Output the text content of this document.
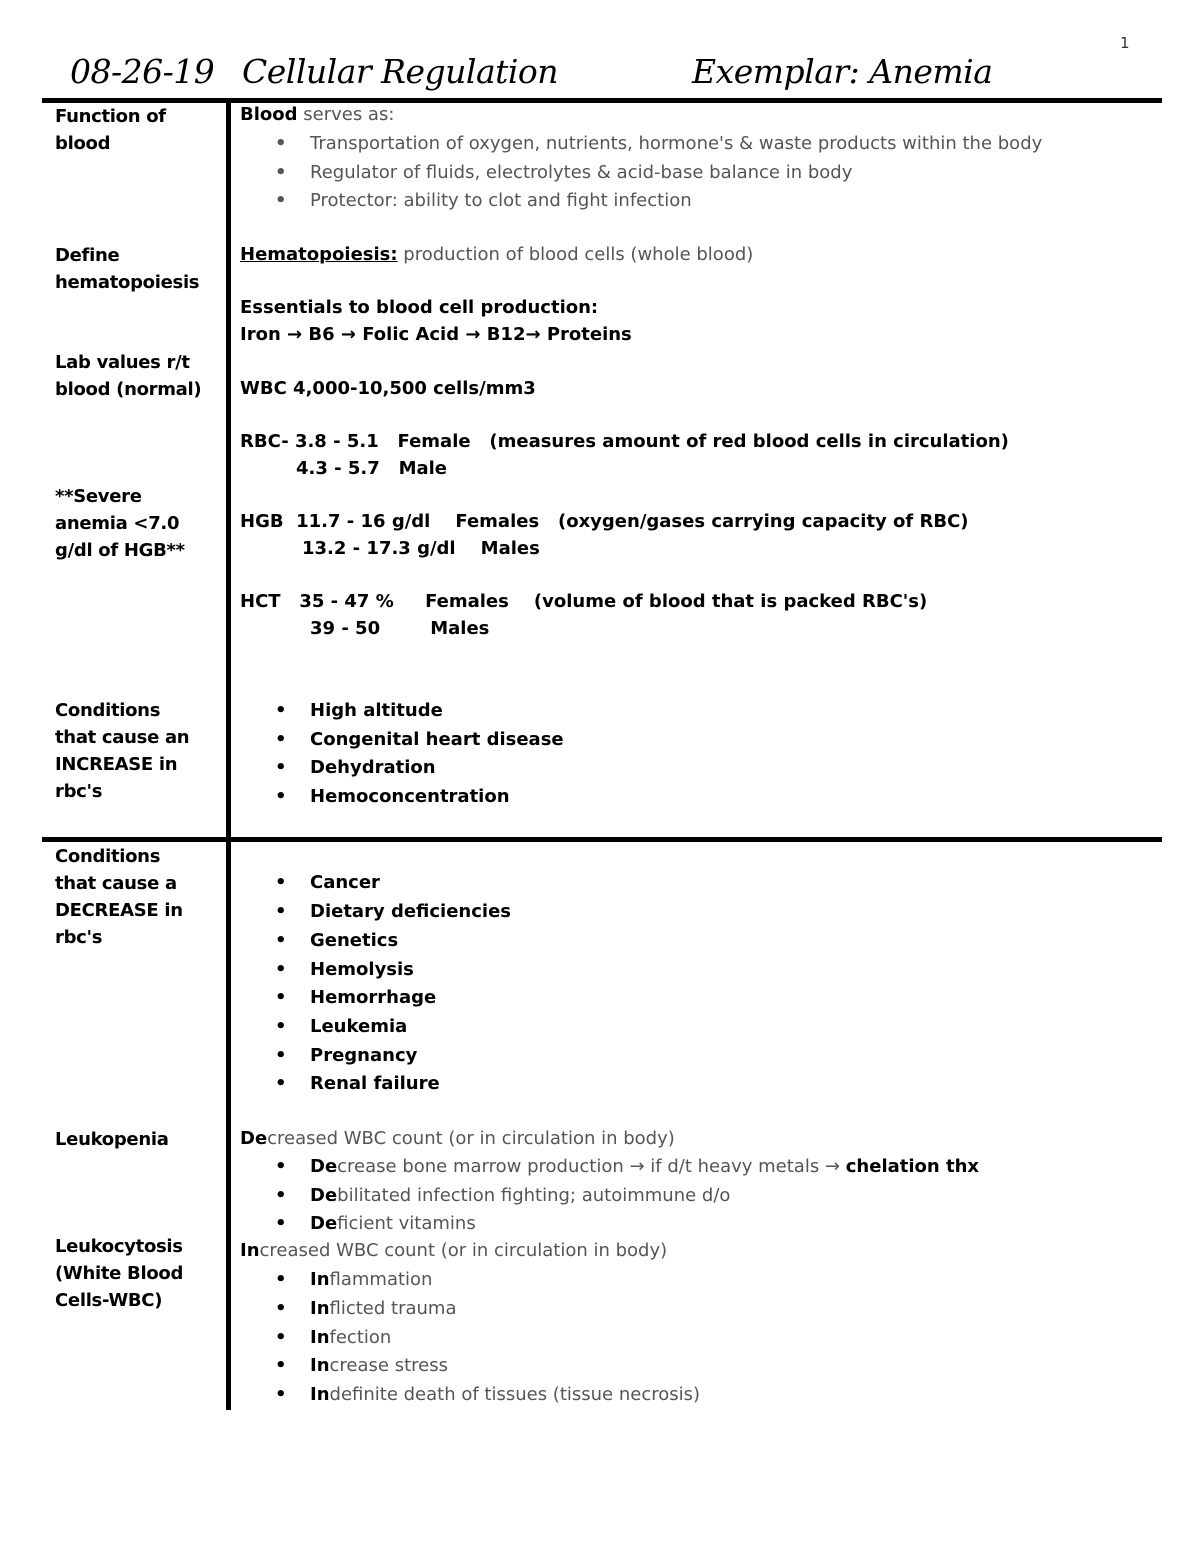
1
08-26-19 Cellular Regulation	Exemplar: Anemia
Function of blood
Define hematopoiesis
Lab values r/t blood (normal)
**Severe anemia <7.0 g/dl of HGB**
Conditions that cause an INCREASE in rbc's
Conditions that cause a DECREASE in rbc's
Leukopenia
Leukocytosis (White Blood Cells-WBC)
Blood serves as:
• Transportation of oxygen, nutrients, hormone's & waste products within the body
• Regulator of fluids, electrolytes & acid-base balance in body
• Protector: ability to clot and fight infection
Hematopoiesis: production of blood cells (whole blood)
Essentials to blood cell production:
Iron → B6 → Folic Acid → B12→ Proteins
WBC 4,000-10,500 cells/mm3
RBC- 3.8 - 5.1   Female   (measures amount of red blood cells in circulation)
4.3 - 5.7   Male
HGB  11.7 - 16 g/dl    Females   (oxygen/gases carrying capacity of RBC)
13.2 - 17.3 g/dl    Males
HCT   35 - 47 %     Females    (volume of blood that is packed RBC's)
39 - 50        Males
• High altitude
• Congenital heart disease
• Dehydration
• Hemoconcentration
• Cancer
• Dietary deficiencies
• Genetics
• Hemolysis
• Hemorrhage
• Leukemia
• Pregnancy
• Renal failure
Decreased WBC count (or in circulation in body)
• Decrease bone marrow production → if d/t heavy metals → chelation thx
• Debilitated infection fighting; autoimmune d/o
• Deficient vitamins
Increased WBC count (or in circulation in body)
• Inflammation
• Inflicted trauma
• Infection
• Increase stress
• Indefinite death of tissues (tissue necrosis)
